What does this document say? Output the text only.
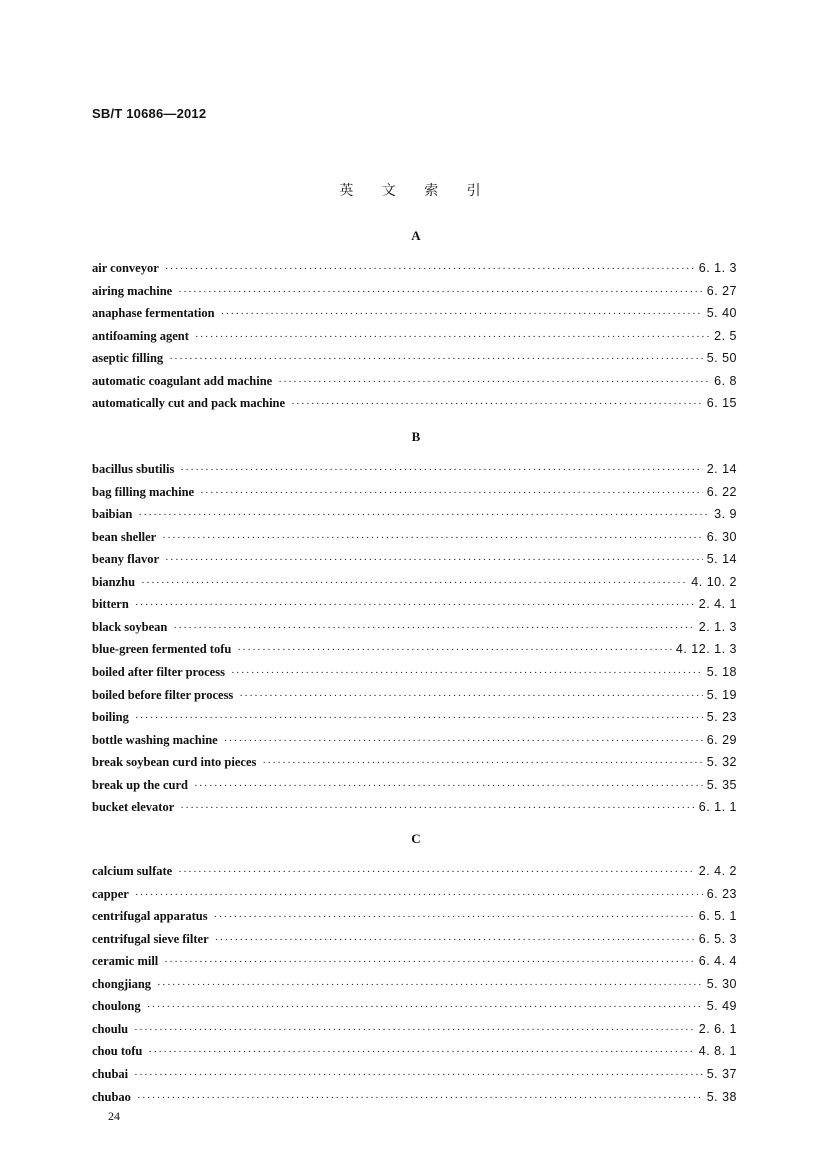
SB/T 10686—2012
英 文 索 引
A
air conveyor ·····	6. 1. 3
airing machine ·····	6. 27
anaphase fermentation ·····	5. 40
antifoaming agent ·····	2. 5
aseptic filling ·····	5. 50
automatic coagulant add machine ·····	6. 8
automatically cut and pack machine ·····	6. 15
B
bacillus sbutilis ·····	2. 14
bag filling machine ·····	6. 22
baibian ·····	3. 9
bean sheller ·····	6. 30
beany flavor ·····	5. 14
bianzhu ·····	4. 10. 2
bittern ·····	2. 4. 1
black soybean ·····	2. 1. 3
blue-green fermented tofu ·····	4. 12. 1. 3
boiled after filter process ·····	5. 18
boiled before filter process ·····	5. 19
boiling ·····	5. 23
bottle washing machine ·····	6. 29
break soybean curd into pieces ·····	5. 32
break up the curd ·····	5. 35
bucket elevator ·····	6. 1. 1
C
calcium sulfate ·····	2. 4. 2
capper ·····	6. 23
centrifugal apparatus ·····	6. 5. 1
centrifugal sieve filter ·····	6. 5. 3
ceramic mill ·····	6. 4. 4
chongjiang ·····	5. 30
choulong ·····	5. 49
choulu ·····	2. 6. 1
chou tofu ·····	4. 8. 1
chubai ·····	5. 37
chubao ·····	5. 38
24
